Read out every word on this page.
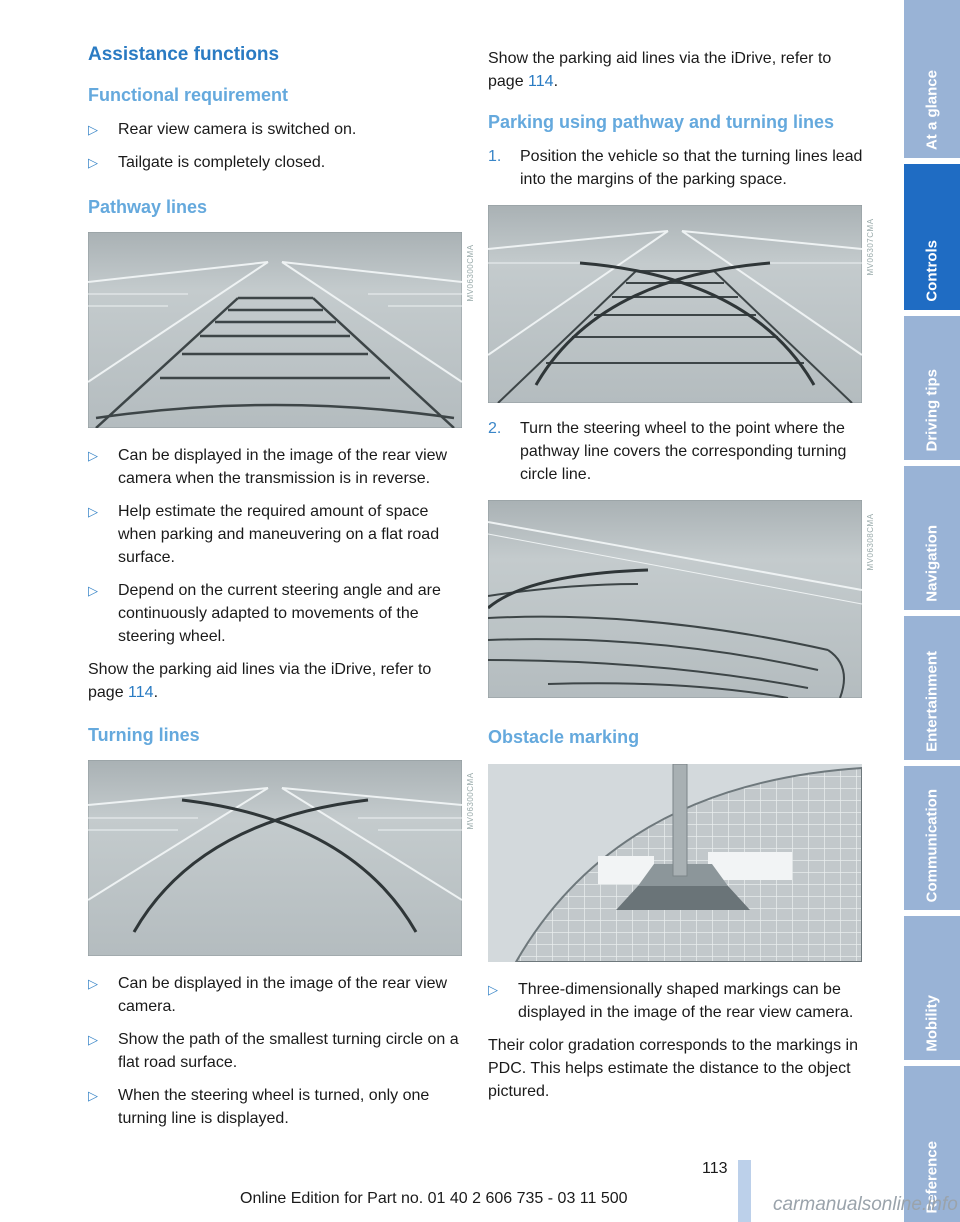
Assistance functions
Functional requirement
▷ Rear view camera is switched on.
▷ Tailgate is completely closed.
Pathway lines
MV06300CMA
▷ Can be displayed in the image of the rear view camera when the transmission is in reverse.
▷ Help estimate the required amount of space when parking and maneuvering on a flat road surface.
▷ Depend on the current steering angle and are continuously adapted to movements of the steering wheel.

Show the parking aid lines via the iDrive, refer to page 114.

Turning lines
MV06300CMA
▷ Can be displayed in the image of the rear view camera.
▷ Show the path of the smallest turning circle on a flat road surface.
▷ When the steering wheel is turned, only one turning line is displayed.

Show the parking aid lines via the iDrive, refer to page 114.

Parking using pathway and turning lines
1. Position the vehicle so that the turning lines lead into the margins of the parking space.
MV06307CMA
2. Turn the steering wheel to the point where the pathway line covers the corresponding turning circle line.
MV06308CMA
Obstacle marking
▷ Three-dimensionally shaped markings can be displayed in the image of the rear view camera.

Their color gradation corresponds to the markings in PDC. This helps estimate the distance to the object pictured.

At a glance
Controls
Driving tips
Navigation
Entertainment
Communication
Mobility
Reference
113
Online Edition for Part no. 01 40 2 606 735 - 03 11 500	carmanualsonline.info
